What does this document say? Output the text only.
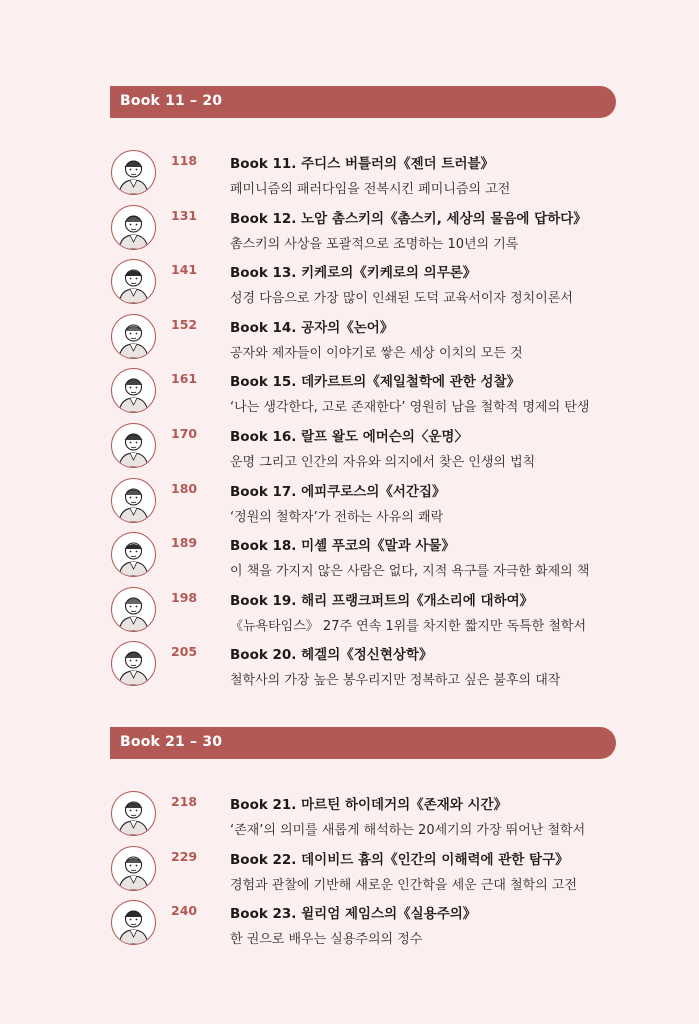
Book 11 – 20
Book 21 – 30
118 Book 11. 주디스 버틀러의《젠더 트러블》
페미니즘의 패러다임을 전복시킨 페미니즘의 고전
131 Book 12. 노암 촘스키의《촘스키, 세상의 물음에 답하다》
촘스키의 사상을 포괄적으로 조명하는 10년의 기록
141 Book 13. 키케로의《키케로의 의무론》
성경 다음으로 가장 많이 인쇄된 도덕 교육서이자 정치이론서
152 Book 14. 공자의《논어》
공자와 제자들이 이야기로 쌓은 세상 이치의 모든 것
161 Book 15. 데카르트의《제일철학에 관한 성찰》
‘나는 생각한다, 고로 존재한다’ 영원히 남을 철학적 명제의 탄생
170 Book 16. 랄프 왈도 에머슨의〈운명〉
운명 그리고 인간의 자유와 의지에서 찾은 인생의 법칙
180 Book 17. 에피쿠로스의《서간집》
‘정원의 철학자’가 전하는 사유의 쾌락
189 Book 18. 미셸 푸코의《말과 사물》
이 책을 가지지 않은 사람은 없다, 지적 욕구를 자극한 화제의 책
198 Book 19. 해리 프랭크퍼트의《개소리에 대하여》
《뉴욕타임스》 27주 연속 1위를 차지한 짧지만 독특한 철학서
205 Book 20. 헤겔의《정신현상학》
철학사의 가장 높은 봉우리지만 정복하고 싶은 불후의 대작
218 Book 21. 마르틴 하이데거의《존재와 시간》
‘존재’의 의미를 새롭게 해석하는 20세기의 가장 뛰어난 철학서
229 Book 22. 데이비드 흄의《인간의 이해력에 관한 탐구》
경험과 관찰에 기반해 새로운 인간학을 세운 근대 철학의 고전
240 Book 23. 윌리엄 제임스의《실용주의》
한 권으로 배우는 실용주의의 정수
